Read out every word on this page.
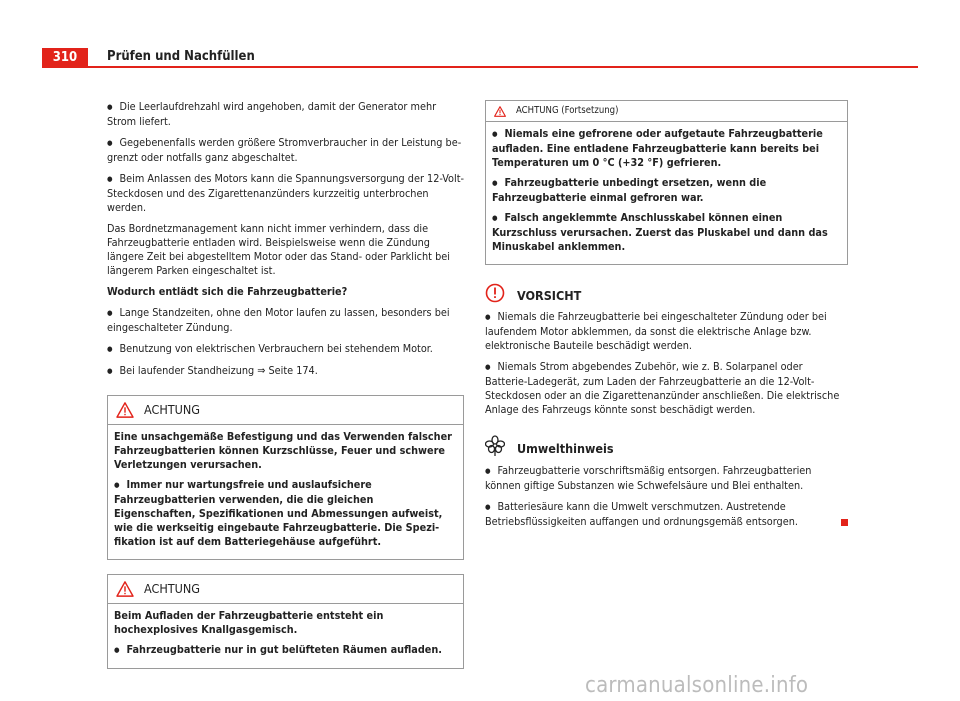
310	Prüfen und Nachfüllen

● Die Leerlaufdrehzahl wird angehoben, damit der Generator mehr Strom liefert.

● Gegebenenfalls werden größere Stromverbraucher in der Leistung begrenzt oder notfalls ganz abgeschaltet.

● Beim Anlassen des Motors kann die Spannungsversorgung der 12-Volt-Steckdosen und des Zigarettenanzünders kurzzeitig unterbrochen werden.

Das Bordnetzmanagement kann nicht immer verhindern, dass die Fahrzeugbatterie entladen wird. Beispielsweise wenn die Zündung längere Zeit bei abgestelltem Motor oder das Stand- oder Parklicht bei längerem Parken eingeschaltet ist.

Wodurch entlädt sich die Fahrzeugbatterie?

● Lange Standzeiten, ohne den Motor laufen zu lassen, besonders bei eingeschalteter Zündung.

● Benutzung von elektrischen Verbrauchern bei stehendem Motor.

● Bei laufender Standheizung ⇒ Seite 174.

ACHTUNG

Eine unsachgemäße Befestigung und das Verwenden falscher Fahrzeugbatterien können Kurzschlüsse, Feuer und schwere Verletzungen verursachen.

● Immer nur wartungsfreie und auslaufsichere Fahrzeugbatterien verwenden, die die gleichen Eigenschaften, Spezifikationen und Abmessungen aufweist, wie die werkseitig eingebaute Fahrzeugbatterie. Die Spezifikation ist auf dem Batteriegehäuse aufgeführt.

ACHTUNG

Beim Aufladen der Fahrzeugbatterie entsteht ein hochexplosives Knallgasgemisch.

● Fahrzeugbatterie nur in gut belüfteten Räumen aufladen.

ACHTUNG (Fortsetzung)

● Niemals eine gefrorene oder aufgetaute Fahrzeugbatterie aufladen. Eine entladene Fahrzeugbatterie kann bereits bei Temperaturen um 0 °C (+32 °F) gefrieren.

● Fahrzeugbatterie unbedingt ersetzen, wenn die Fahrzeugbatterie einmal gefroren war.

● Falsch angeklemmte Anschlusskabel können einen Kurzschluss verursachen. Zuerst das Pluskabel und dann das Minuskabel anklemmen.

VORSICHT

● Niemals die Fahrzeugbatterie bei eingeschalteter Zündung oder bei laufendem Motor abklemmen, da sonst die elektrische Anlage bzw. elektronische Bauteile beschädigt werden.

● Niemals Strom abgebendes Zubehör, wie z. B. Solarpanel oder Batterie-Ladegerät, zum Laden der Fahrzeugbatterie an die 12-Volt-Steckdosen oder an die Zigarettenanzünder anschließen. Die elektrische Anlage des Fahrzeugs könnte sonst beschädigt werden.

Umwelthinweis

● Fahrzeugbatterie vorschriftsmäßig entsorgen. Fahrzeugbatterien können giftige Substanzen wie Schwefelsäure und Blei enthalten.

● Batteriesäure kann die Umwelt verschmutzen. Austretende Betriebsflüssigkeiten auffangen und ordnungsgemäß entsorgen.

carmanualsonline.info
